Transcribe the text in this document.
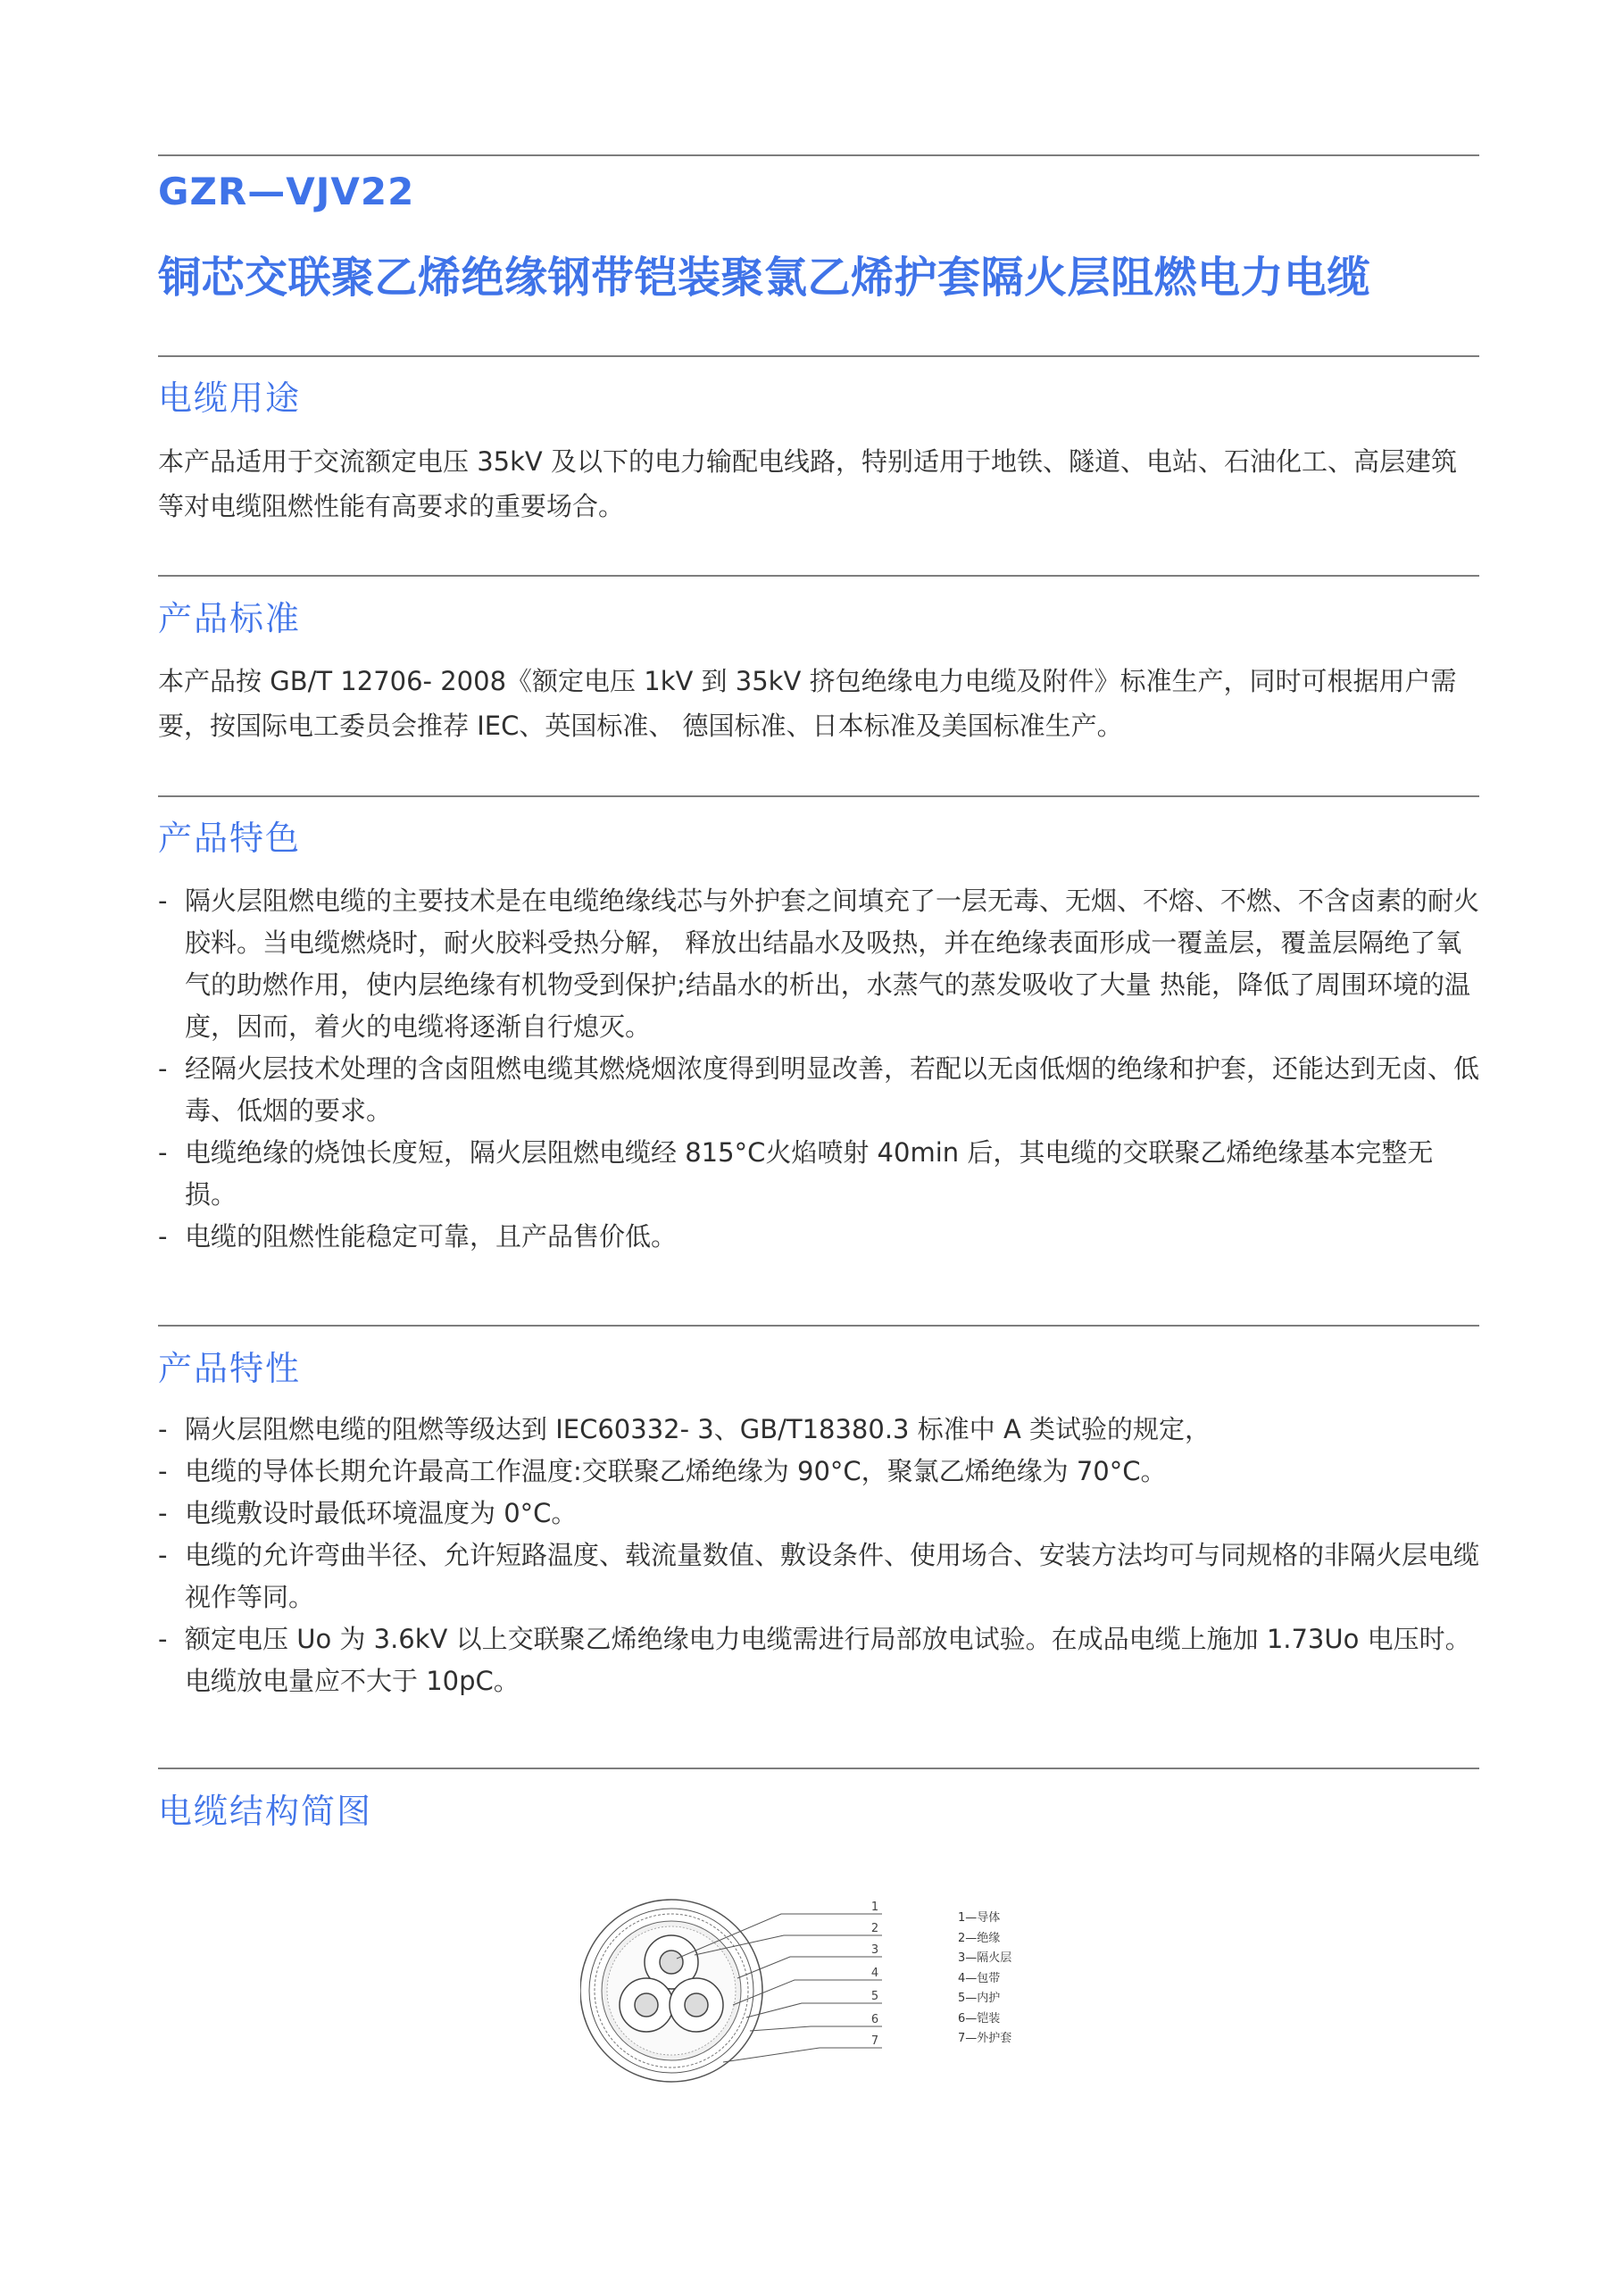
GZR—VJV22
铜芯交联聚乙烯绝缘钢带铠装聚氯乙烯护套隔火层阻燃电力电缆
电缆用途

本产品适用于交流额定电压 35kV 及以下的电力输配电线路，特别适用于地铁、隧道、电站、石油化工、高层建筑等对电缆阻燃性能有高要求的重要场合。

产品标准

本产品按 GB/T 12706- 2008《额定电压 1kV 到 35kV 挤包绝缘电力电缆及附件》标准生产，同时可根据用户需要，按国际电工委员会推荐 IEC、英国标准、 德国标准、日本标准及美国标准生产。

产品特色
- 隔火层阻燃电缆的主要技术是在电缆绝缘线芯与外护套之间填充了一层无毒、无烟、不熔、不燃、不含卤素的耐火胶料。当电缆燃烧时，耐火胶料受热分解， 释放出结晶水及吸热，并在绝缘表面形成一覆盖层，覆盖层隔绝了氧气的助燃作用，使内层绝缘有机物受到保护;结晶水的析出，水蒸气的蒸发吸收了大量 热能，降低了周围环境的温度，因而，着火的电缆将逐渐自行熄灭。
- 经隔火层技术处理的含卤阻燃电缆其燃烧烟浓度得到明显改善，若配以无卤低烟的绝缘和护套，还能达到无卤、低毒、低烟的要求。
- 电缆绝缘的烧蚀长度短，隔火层阻燃电缆经 815°C火焰喷射 40min 后，其电缆的交联聚乙烯绝缘基本完整无损。
- 电缆的阻燃性能稳定可靠，且产品售价低。
产品特性
- 隔火层阻燃电缆的阻燃等级达到 IEC60332- 3、GB/T18380.3 标准中 A 类试验的规定，
- 电缆的导体长期允许最高工作温度:交联聚乙烯绝缘为 90°C，聚氯乙烯绝缘为 70°C。
- 电缆敷设时最低环境温度为 0°C。
- 电缆的允许弯曲半径、允许短路温度、载流量数值、敷设条件、使用场合、安装方法均可与同规格的非隔火层电缆视作等同。
- 额定电压 Uo 为 3.6kV 以上交联聚乙烯绝缘电力电缆需进行局部放电试验。在成品电缆上施加 1.73Uo 电压时。电缆放电量应不大于 10pC。
电缆结构简图
1
2
3
4
5
6
7
1—导体
2—绝缘
3—隔火层
4—包带
5—内护
6—铠装
7—外护套
